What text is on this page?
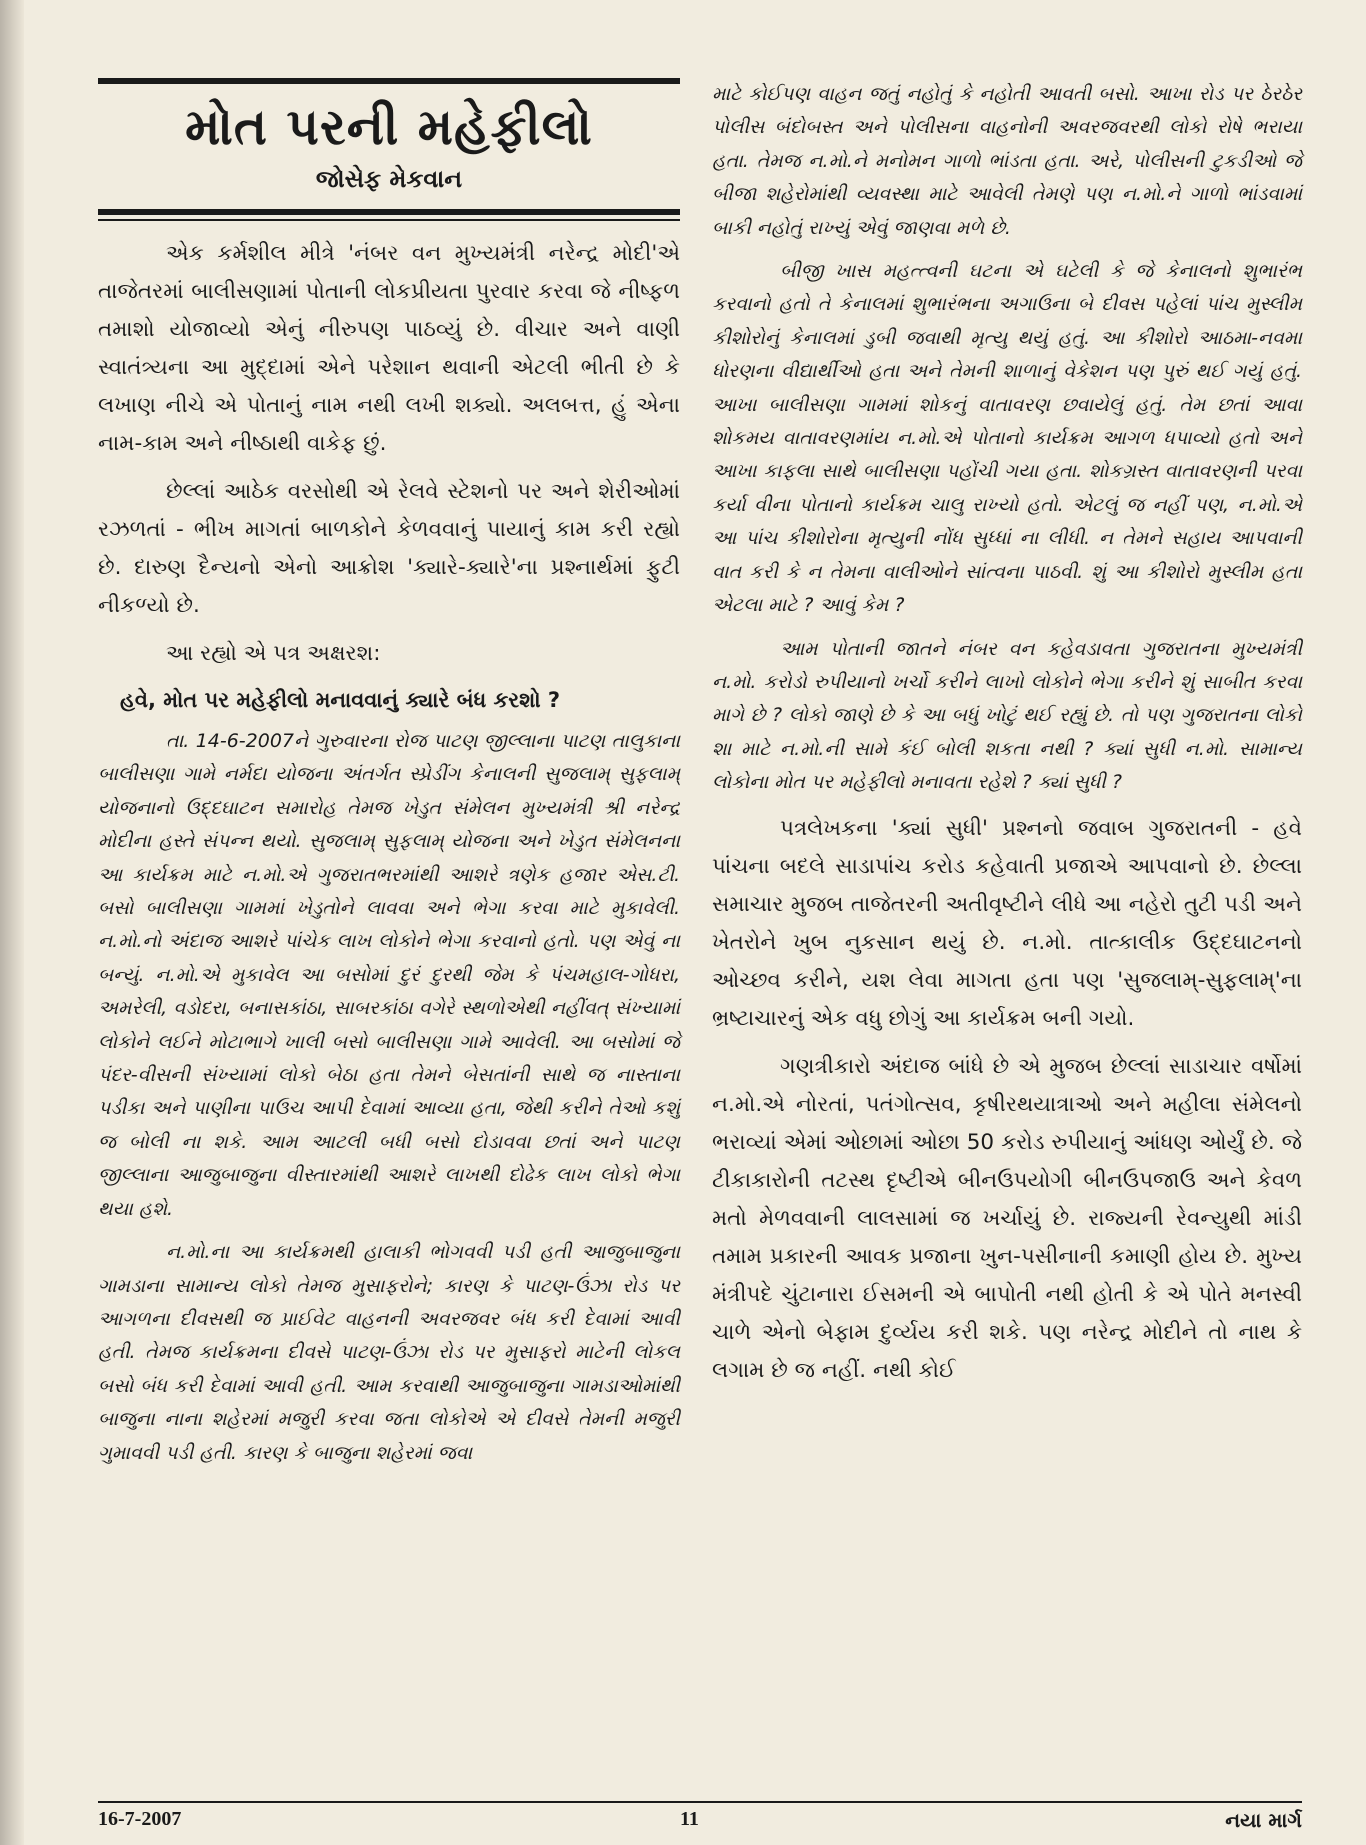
મોત પરની મહેફીલો
જોસેફ મેકવાન

એક કર્મશીલ મીત્રે 'નંબર વન મુખ્યમંત્રી નરેન્દ્ર મોદી'એ તાજેતરમાં બાલીસણામાં પોતાની લોકપ્રીયતા પુરવાર કરવા જે નીષ્ફળ તમાશો યોજાવ્યો એનું નીરુપણ પાઠવ્યું છે. વીચાર અને વાણી સ્વાતંત્ર્યના આ મુદ્દામાં એને પરેશાન થવાની એટલી ભીતી છે કે લખાણ નીચે એ પોતાનું નામ નથી લખી શક્યો. અલબત્ત, હું એના નામ-કામ અને નીષ્ઠાથી વાકેફ છું.

છેલ્લાં આઠેક વરસોથી એ રેલવે સ્ટેશનો પર અને શેરીઓમાં રઝળતાં - ભીખ માગતાં બાળકોને કેળવવાનું પાયાનું કામ કરી રહ્યો છે. દારુણ દૈન્યનો એનો આક્રોશ 'ક્યારે-ક્યારે'ના પ્રશ્નાર્થમાં ફુટી નીકળ્યો છે.

આ રહ્યો એ પત્ર અક્ષરશ:

હવે, મોત પર મહેફીલો મનાવવાનું ક્યારે બંધ કરશો ?

તા. 14-6-2007ને ગુરુવારના રોજ પાટણ જીલ્લાના પાટણ તાલુકાના બાલીસણા ગામે નર્મદા યોજના અંતર્ગત સ્પ્રેડીંગ કેનાલની સુજલામ્ સુફલામ્ યોજનાનો ઉદ્દઘાટન સમારોહ તેમજ ખેડુત સંમેલન મુખ્યમંત્રી શ્રી નરેન્દ્ર મોદીના હસ્તે સંપન્ન થયો. સુજલામ્ સુફલામ્ યોજના અને ખેડુત સંમેલનના આ કાર્યક્રમ માટે ન.મો.એ ગુજરાતભરમાંથી આશરે ત્રણેક હજાર એસ.ટી. બસો બાલીસણા ગામમાં ખેડુતોને લાવવા અને ભેગા કરવા માટે મુકાવેલી. ન.મો.નો અંદાજ આશરે પાંચેક લાખ લોકોને ભેગા કરવાનો હતો. પણ એવું ના બન્યું. ન.મો.એ મુકાવેલ આ બસોમાં દુરં દુરથી જેમ કે પંચમહાલ-ગોધરા, અમરેલી, વડોદરા, બનાસકાંઠા, સાબરકાંઠા વગેરે સ્થળોએથી નહીંવત્ સંખ્યામાં લોકોને લઈને મોટાભાગે ખાલી બસો બાલીસણા ગામે આવેલી. આ બસોમાં જે પંદર-વીસની સંખ્યામાં લોકો બેઠા હતા તેમને બેસતાંની સાથે જ નાસ્તાના પડીકા અને પાણીના પાઉચ આપી દેવામાં આવ્યા હતા, જેથી કરીને તેઓ કશું જ બોલી ના શકે. આમ આટલી બધી બસો દોડાવવા છતાં અને પાટણ જીલ્લાના આજુબાજુના વીસ્તારમાંથી આશરે લાખથી દોઢેક લાખ લોકો ભેગા થયા હશે.

ન.મો.ના આ કાર્યક્રમથી હાલાકી ભોગવવી પડી હતી આજુબાજુના ગામડાના સામાન્ય લોકો તેમજ મુસાફરોને; કારણ કે પાટણ-ઉંઝા રોડ પર આગળના દીવસથી જ પ્રાઈવેટ વાહનની અવરજવર બંધ કરી દેવામાં આવી હતી. તેમજ કાર્યક્રમના દીવસે પાટણ-ઉંઝા રોડ પર મુસાફરો માટેની લોકલ બસો બંધ કરી દેવામાં આવી હતી. આમ કરવાથી આજુબાજુના ગામડાઓમાંથી બાજુના નાના શહેરમાં મજુરી કરવા જતા લોકોએ એ દીવસે તેમની મજુરી ગુમાવવી પડી હતી. કારણ કે બાજુના શહેરમાં જવા

માટે કોઈપણ વાહન જતું નહોતું કે નહોતી આવતી બસો. આખા રોડ પર ઠેરઠેર પોલીસ બંદોબસ્ત અને પોલીસના વાહનોની અવરજવરથી લોકો રોષે ભરાયા હતા. તેમજ ન.મો.ને મનોમન ગાળો ભાંડતા હતા. અરે, પોલીસની ટુકડીઓ જે બીજા શહેરોમાંથી વ્યવસ્થા માટે આવેલી તેમણે પણ ન.મો.ને ગાળો ભાંડવામાં બાકી નહોતું રાખ્યું એવું જાણવા મળે છે.

બીજી ખાસ મહત્ત્વની ઘટના એ ઘટેલી કે જે કેનાલનો શુભારંભ કરવાનો હતો તે કેનાલમાં શુભારંભના અગાઉના બે દીવસ પહેલાં પાંચ મુસ્લીમ કીશોરોનું કેનાલમાં ડુબી જવાથી મૃત્યુ થયું હતું. આ કીશોરો આઠમા-નવમા ધોરણના વીદ્યાર્થીઓ હતા અને તેમની શાળાનું વેકેશન પણ પુરું થઈ ગયું હતું. આખા બાલીસણા ગામમાં શોકનું વાતાવરણ છવાયેલું હતું. તેમ છતાં આવા શોકમય વાતાવરણમાંય ન.મો.એ પોતાનો કાર્યક્રમ આગળ ધપાવ્યો હતો અને આખા કાફલા સાથે બાલીસણા પહોંચી ગયા હતા. શોકગ્રસ્ત વાતાવરણની પરવા કર્યા વીના પોતાનો કાર્યક્રમ ચાલુ રાખ્યો હતો. એટલું જ નહીં પણ, ન.મો.એ આ પાંચ કીશોરોના મૃત્યુની નોંધ સુધ્ધાં ના લીધી. ન તેમને સહાય આપવાની વાત કરી કે ન તેમના વાલીઓને સાંત્વના પાઠવી. શું આ કીશોરો મુસ્લીમ હતા એટલા માટે ? આવું કેમ ?

આમ પોતાની જાતને નંબર વન કહેવડાવતા ગુજરાતના મુખ્યમંત્રી ન.મો. કરોડો રુપીયાનો ખર્ચો કરીને લાખો લોકોને ભેગા કરીને શું સાબીત કરવા માગે છે ? લોકો જાણે છે કે આ બધું ખોટું થઈ રહ્યું છે. તો પણ ગુજરાતના લોકો શા માટે ન.મો.ની સામે કંઈ બોલી શકતા નથી ? ક્યાં સુધી ન.મો. સામાન્ય લોકોના મોત પર મહેફીલો મનાવતા રહેશે ? ક્યાં સુધી ?

પત્રલેખકના 'ક્યાં સુધી' પ્રશ્નનો જવાબ ગુજરાતની - હવે પાંચના બદલે સાડાપાંચ કરોડ કહેવાતી પ્રજાએ આપવાનો છે. છેલ્લા સમાચાર મુજબ તાજેતરની અતીવૃષ્ટીને લીધે આ નહેરો તુટી પડી અને ખેતરોને ખુબ નુકસાન થયું છે. ન.મો. તાત્કાલીક ઉદ્દઘાટનનો ઓચ્છવ કરીને, યશ લેવા માગતા હતા પણ 'સુજલામ્-સુફલામ્'ના ભ્રષ્ટાચારનું એક વધુ છોગું આ કાર્યક્રમ બની ગયો.

ગણત્રીકારો અંદાજ બાંધે છે એ મુજબ છેલ્લાં સાડાચાર વર્ષોમાં ન.મો.એ નોરતાં, પતંગોત્સવ, કૃષીરથયાત્રાઓ અને મહીલા સંમેલનો ભરાવ્યાં એમાં ઓછામાં ઓછા 50 કરોડ રુપીયાનું આંધણ ઓર્યું છે. જે ટીકાકારોની તટસ્થ દૃષ્ટીએ બીનઉપયોગી બીનઉપજાઉ અને કેવળ મતો મેળવવાની લાલસામાં જ ખર્ચાયું છે. રાજ્યની રેવન્યુથી માંડી તમામ પ્રકારની આવક પ્રજાના ખુન-પસીનાની કમાણી હોય છે. મુખ્ય મંત્રીપદે ચુંટાનારા ઈસમની એ બાપોતી નથી હોતી કે એ પોતે મનસ્વી ચાળે એનો બેફામ દુર્વ્યય કરી શકે. પણ નરેન્દ્ર મોદીને તો નાથ કે લગામ છે જ નહીં. નથી કોઈ

16-7-2007	11	નયા માર્ગ
